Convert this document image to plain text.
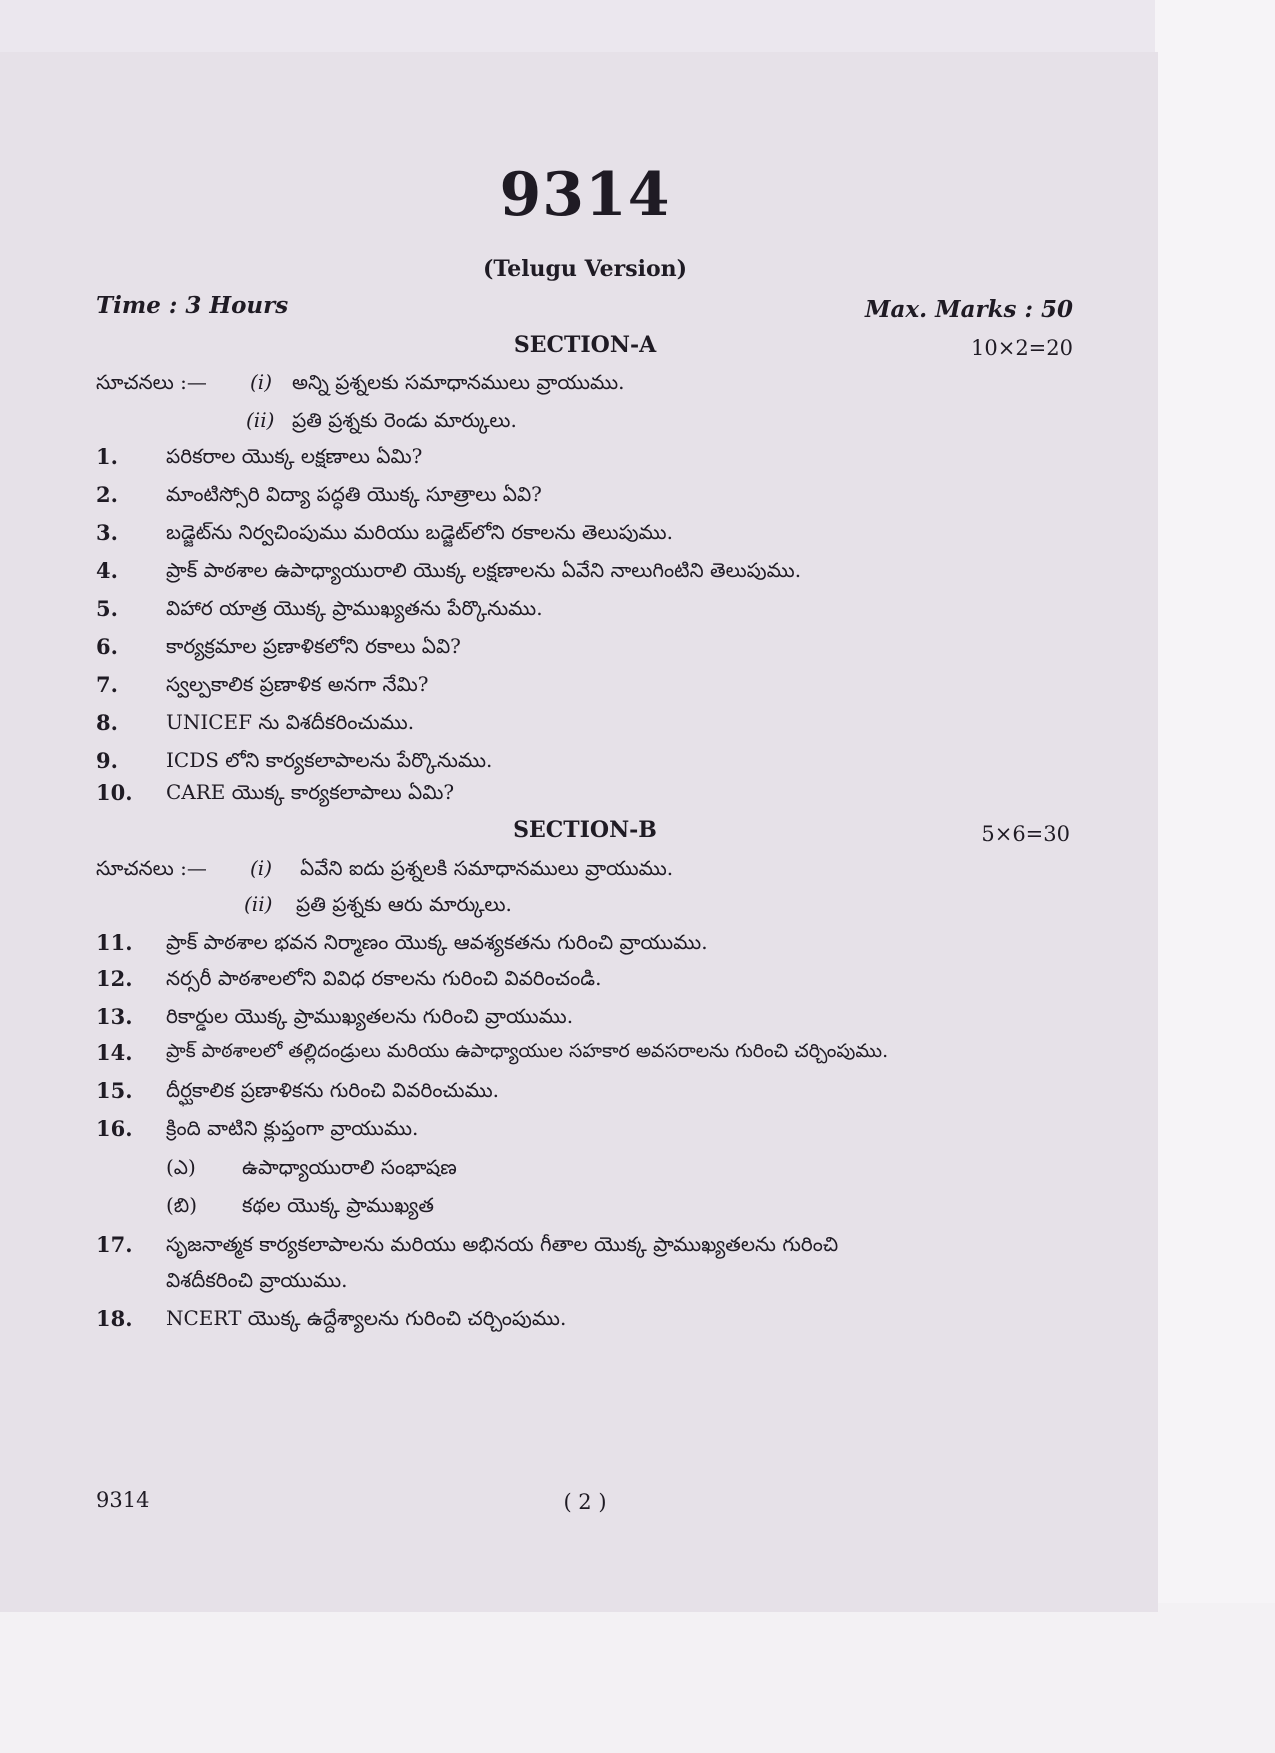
9314
(Telugu Version)
Time : 3 Hours	Max. Marks : 50
SECTION-A	10×2=20
సూచనలు :— (i) అన్ని ప్రశ్నలకు సమాధానములు వ్రాయుము.
(ii) ప్రతి ప్రశ్నకు రెండు మార్కులు.
1. పరికరాల యొక్క లక్షణాలు ఏమి?
2. మాంటిస్సోరి విద్యా పద్ధతి యొక్క సూత్రాలు ఏవి?
3. బడ్జెట్‌ను నిర్వచింపుము మరియు బడ్జెట్‌లోని రకాలను తెలుపుము.
4. ప్రాక్ పాఠశాల ఉపాధ్యాయురాలి యొక్క లక్షణాలను ఏవేని నాలుగింటిని తెలుపుము.
5. విహార యాత్ర యొక్క ప్రాముఖ్యతను పేర్కొనుము.
6. కార్యక్రమాల ప్రణాళికలోని రకాలు ఏవి?
7. స్వల్పకాలిక ప్రణాళిక అనగా నేమి?
8. UNICEF ను విశదీకరించుము.
9. ICDS లోని కార్యకలాపాలను పేర్కొనుము.
10. CARE యొక్క కార్యకలాపాలు ఏమి?
SECTION-B	5×6=30
సూచనలు :— (i) ఏవేని ఐదు ప్రశ్నలకి సమాధానములు వ్రాయుము.
(ii) ప్రతి ప్రశ్నకు ఆరు మార్కులు.
11. ప్రాక్ పాఠశాల భవన నిర్మాణం యొక్క ఆవశ్యకతను గురించి వ్రాయుము.
12. నర్సరీ పాఠశాలలోని వివిధ రకాలను గురించి వివరించండి.
13. రికార్డుల యొక్క ప్రాముఖ్యతలను గురించి వ్రాయుము.
14. ప్రాక్ పాఠశాలలో తల్లిదండ్రులు మరియు ఉపాధ్యాయుల సహకార అవసరాలను గురించి చర్చింపుము.
15. దీర్ఘకాలిక ప్రణాళికను గురించి వివరించుము.
16. క్రింది వాటిని క్లుప్తంగా వ్రాయుము.
(ఎ) ఉపాధ్యాయురాలి సంభాషణ
(బి) కథల యొక్క ప్రాముఖ్యత
17. సృజనాత్మక కార్యకలాపాలను మరియు అభినయ గీతాల యొక్క ప్రాముఖ్యతలను గురించి
విశదీకరించి వ్రాయుము.
18. NCERT యొక్క ఉద్దేశ్యాలను గురించి చర్చింపుము.
9314	( 2 )
